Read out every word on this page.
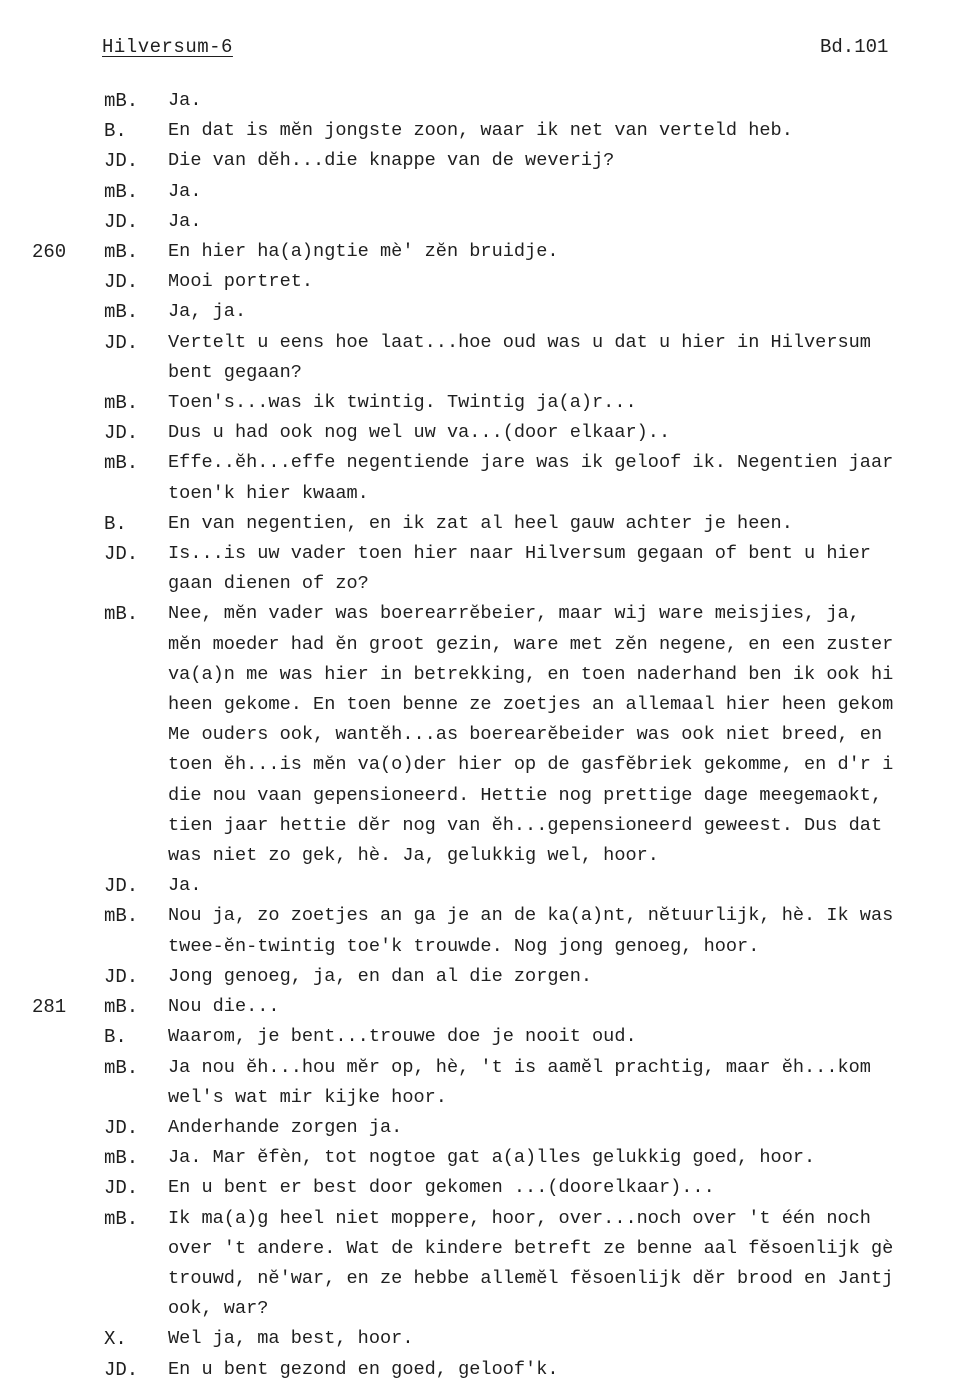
Hilversum-6	Bd.101
mB. Ja.
B. En dat is mĕn jongste zoon, waar ik net van verteld heb.
JD. Die van dĕh...die knappe van de weverij?
mB. Ja.
JD. Ja.
260 mB. En hier ha(a)ngtie mè' zĕn bruidje.
JD. Mooi portret.
mB. Ja, ja.
JD. Vertelt u eens hoe laat...hoe oud was u dat u hier in Hilversum
bent gegaan?
mB. Toen's...was ik twintig. Twintig ja(a)r...
JD. Dus u had ook nog wel uw va...(door elkaar)..
mB. Effe..ĕh...effe negentiende jare was ik geloof ik. Negentien jaar
toen'k hier kwaam.
B. En van negentien, en ik zat al heel gauw achter je heen.
JD. Is...is uw vader toen hier naar Hilversum gegaan of bent u hier
gaan dienen of zo?
mB. Nee, mĕn vader was boerearrĕbeier, maar wij ware meisjies, ja,
mĕn moeder had ĕn groot gezin, ware met zĕn negene, en een zuster
va(a)n me was hier in betrekking, en toen naderhand ben ik ook hi
heen gekome. En toen benne ze zoetjes an allemaal hier heen gekom
Me ouders ook, wantĕh...as boerearĕbeider was ook niet breed, en
toen ĕh...is mĕn va(o)der hier op de gasfĕbriek gekomme, en d'r i
die nou vaan gepensioneerd. Hettie nog prettige dage meegemaokt,
tien jaar hettie dĕr nog van ĕh...gepensioneerd geweest. Dus dat
was niet zo gek, hè. Ja, gelukkig wel, hoor.
JD. Ja.
mB. Nou ja, zo zoetjes an ga je an de ka(a)nt, nĕtuurlijk, hè. Ik was
twee-ĕn-twintig toe'k trouwde. Nog jong genoeg, hoor.
JD. Jong genoeg, ja, en dan al die zorgen.
281 mB. Nou die...
B. Waarom, je bent...trouwe doe je nooit oud.
mB. Ja nou ĕh...hou mĕr op, hè, 't is aamĕl prachtig, maar ĕh...kom
wel's wat mir kijke hoor.
JD. Anderhande zorgen ja.
mB. Ja. Mar ĕfèn, tot nogtoe gat a(a)lles gelukkig goed, hoor.
JD. En u bent er best door gekomen ...(doorelkaar)...
mB. Ik ma(a)g heel niet moppere, hoor, over...noch over 't één noch
over 't andere. Wat de kindere betreft ze benne aal fĕsoenlijk gè
trouwd, nĕ'war, en ze hebbe allemĕl fĕsoenlijk dĕr brood en Jantj
ook, war?
X. Wel ja, ma best, hoor.
JD. En u bent gezond en goed, geloof'k.
